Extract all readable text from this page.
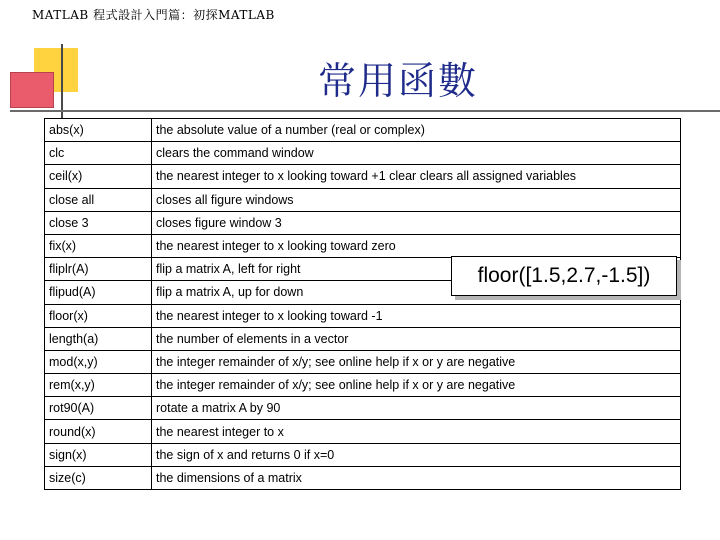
MATLAB 程式設計入門篇：初探MATLAB
常用函數
abs(x)	the absolute value of a number (real or complex)
clc	clears the command window
ceil(x)	the nearest integer to x looking toward +1 clear clears all assigned variables
close all	closes all figure windows
close 3	closes figure window 3
fix(x)	the nearest integer to x looking toward zero
fliplr(A)	flip a matrix A, left for right
flipud(A)	flip a matrix A, up for down
floor(x)	the nearest integer to x looking toward -1
length(a)	the number of elements in a vector
mod(x,y)	the integer remainder of x/y; see online help if x or y are negative
rem(x,y)	the integer remainder of x/y; see online help if x or y are negative
rot90(A)	rotate a matrix A by 90
round(x)	the nearest integer to x
sign(x)	the sign of x and returns 0 if x=0
size(c)	the dimensions of a matrix
floor([1.5,2.7,-1.5])
